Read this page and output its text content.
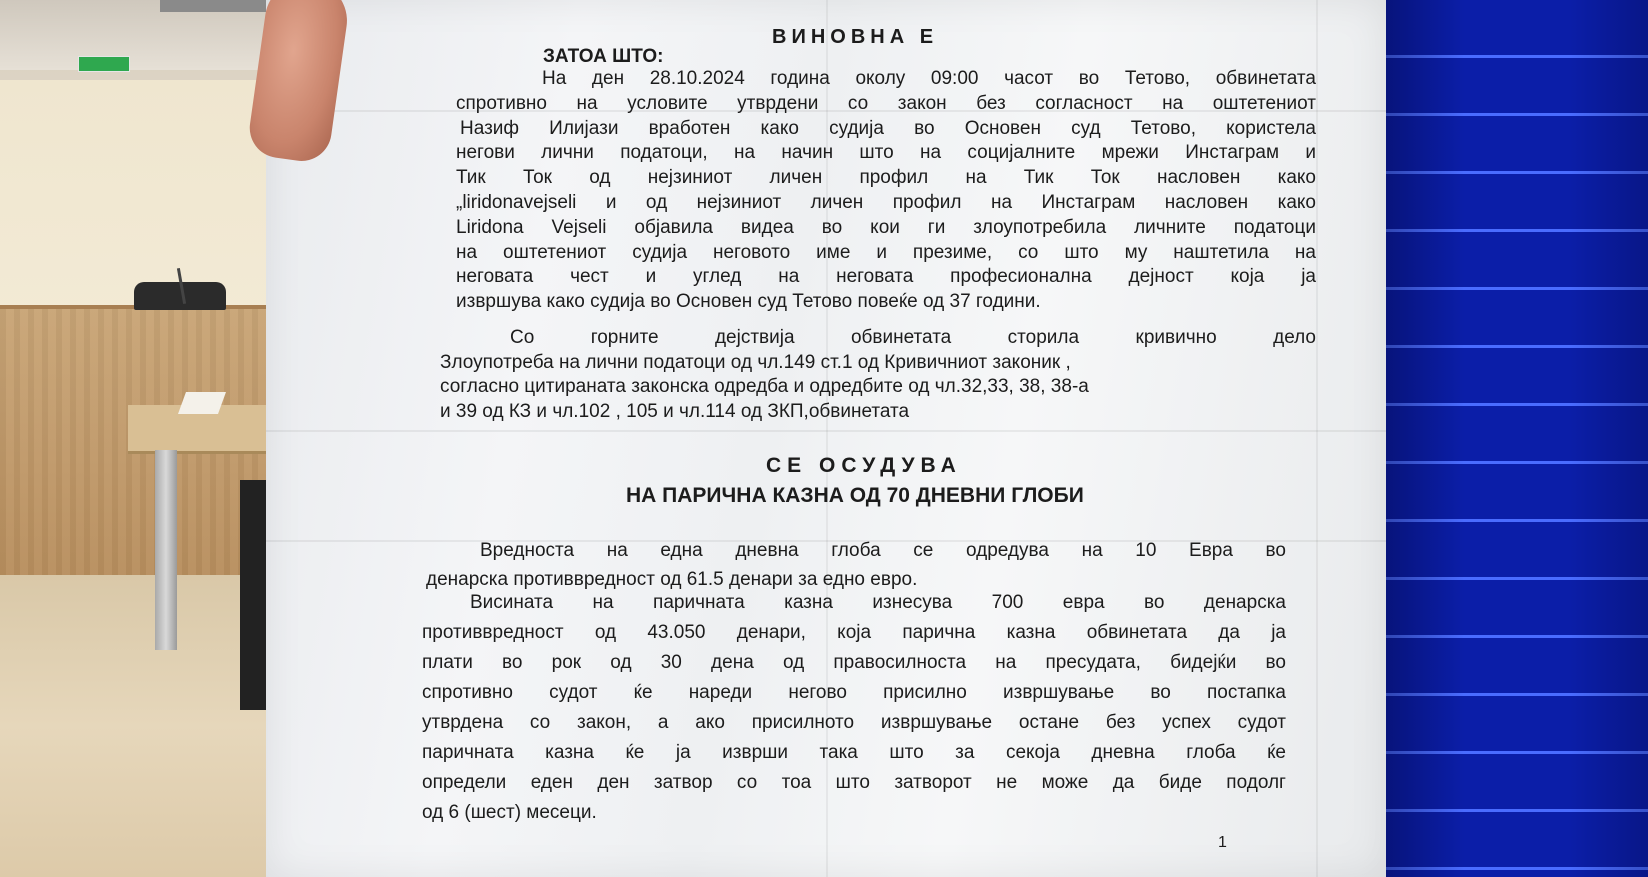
ВИНОВНА Е
ЗАТОА ШТО:
На ден 28.10.2024 година околу 09:00 часот во Тетово, обвинетата
спротивно на условите утврдени со закон без согласност на оштетениот
Назиф Илијази вработен како судија во Основен суд Тетово, користела
негови лични податоци, на начин што на социјалните мрежи Инстаграм и
Тик Ток од нејзиниот личен профил на Тик Ток насловен како
„liridonavejseli и од нејзиниот личен профил на Инстаграм насловен како
Liridona Vejseli објавила видеа во кои ги злоупотребила личните податоци
на оштетениот судија неговото име и презиме, со што му наштетила на
неговата чест и углед на неговата професионална дејност која ја
извршува како судија во Основен суд Тетово повеќе од 37 години.
Со горните дејствија обвинетата сторила кривично дело
Злоупотреба на лични податоци од чл.149 ст.1 од Кривичниот законик ,
согласно цитираната законска одредба и одредбите од чл.32,33, 38, 38-а
и 39 од КЗ и чл.102 , 105 и чл.114 од ЗКП,обвинетата
СЕ ОСУДУВА
НА ПАРИЧНА КАЗНА ОД 70 ДНЕВНИ ГЛОБИ
Вредноста на една дневна глоба се одредува на 10 Евра во
денарска противвредност од 61.5 денари за едно евро.
Висината на паричната казна изнесува 700 евра во денарска
противвредност од 43.050 денари, која парична казна обвинетата да ја
плати во рок од 30 дена од правосилноста на пресудата, бидејќи во
спротивно судот ќе нареди негово присилно извршување во постапка
утврдена со закон, а ако присилното извршување остане без успех судот
паричната казна ќе ја изврши така што за секоја дневна глоба ќе
определи еден ден затвор со тоа што затворот не може да биде подолг
од 6 (шест) месеци.
1
